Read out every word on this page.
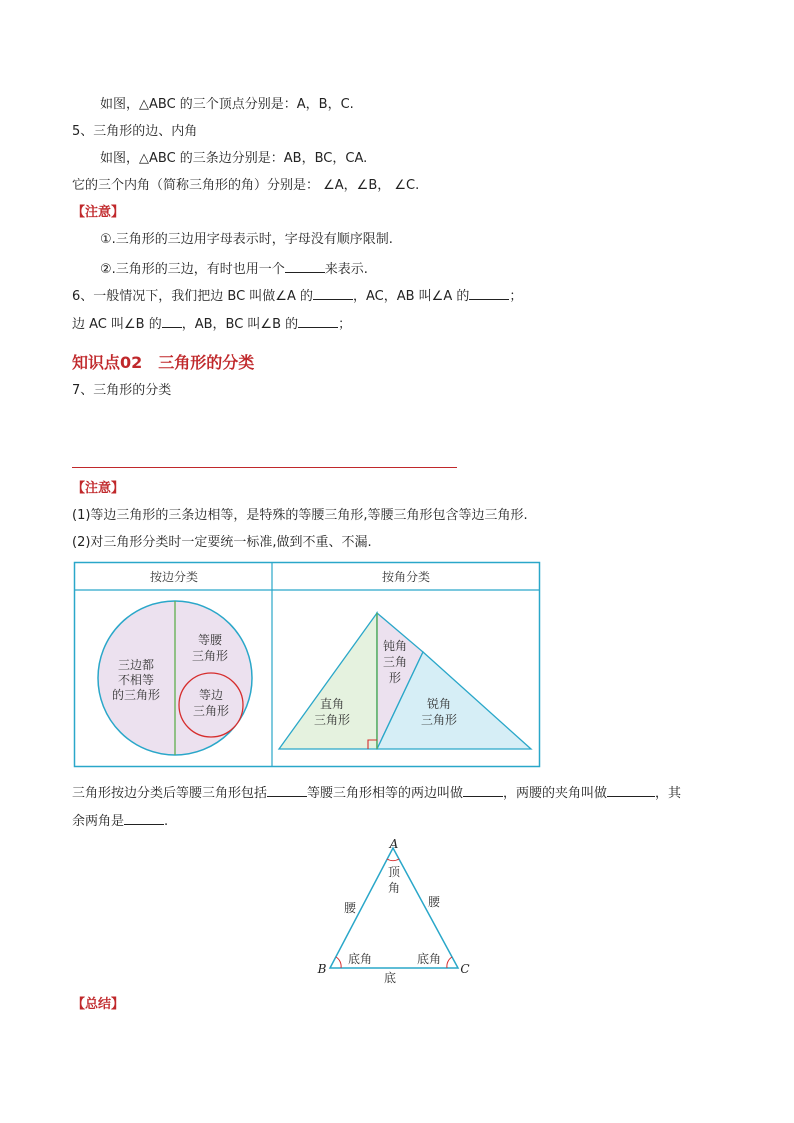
如图，△ABC 的三个顶点分别是：A，B，C.
5、三角形的边、内角
如图，△ABC 的三条边分别是：AB，BC，CA.
它的三个内角（简称三角形的角）分别是： ∠A，∠B， ∠C.
【注意】
①.三角形的三边用字母表示时，字母没有顺序限制.
②.三角形的三边，有时也用一个	来表示.
6、一般情况下，我们把边 BC 叫做∠A 的	，AC，AB 叫∠A 的	；
边 AC 叫∠B 的 ，AB，BC 叫∠B 的	；
知识点02　三角形的分类
7、三角形的分类
【注意】
(1)等边三角形的三条边相等，是特殊的等腰三角形,等腰三角形包含等边三角形.
(2)对三角形分类时一定要统一标准,做到不重、不漏.
按边分类	按角分类
三边都
不相等
的三角形
等腰
三角形
等边
三角形	直角
三角形
钝角
三角
形
锐角
三角形
三角形按边分类后等腰三角形包括	等腰三角形相等的两边叫做	，两腰的夹角叫做	，其
余两角是	.
A
B	C
顶
角
腰	腰
底角	底角
底
【总结】
